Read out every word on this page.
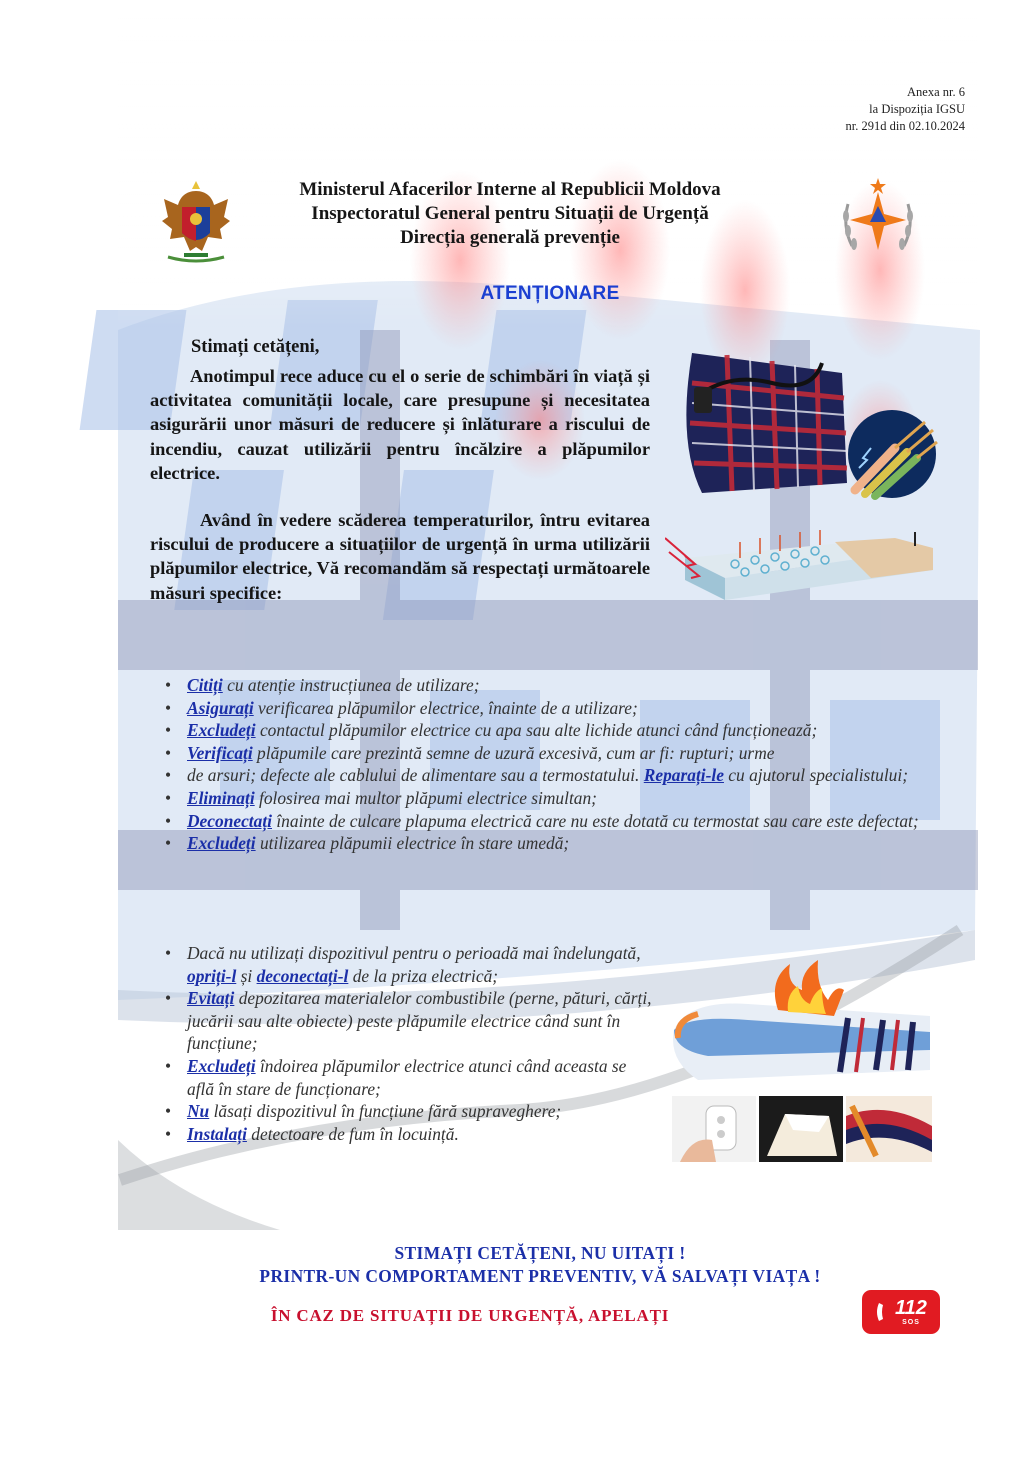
Anexa nr. 6
la Dispoziția IGSU
nr. 291d din 02.10.2024
Ministerul Afacerilor Interne al Republicii Moldova
Inspectoratul General pentru Situații de Urgență
Direcția generală prevenție
ATENȚIONARE
Stimați cetățeni,
Anotimpul rece aduce cu el o serie de schimbări în viață și activitatea comunității locale, care presupune și necesitatea asigurării unor măsuri de reducere și înlăturare a riscului de incendiu, cauzat utilizării pentru încălzire a plăpumilor electrice.
Având în vedere scăderea temperaturilor, întru evitarea riscului de producere a situațiilor de urgență în urma utilizării plăpumilor electrice, Vă recomandăm să respectați următoarele măsuri specifice:
• Citiți cu atenție instrucțiunea de utilizare;
• Asigurați verificarea plăpumilor electrice, înainte de a utilizare;
• Excludeți contactul plăpumilor electrice cu apa sau alte lichide atunci când funcționează;
• Verificați plăpumile care prezintă semne de uzură excesivă, cum ar fi: rupturi; urme
• de arsuri; defecte ale cablului de alimentare sau a termostatului. Reparați-le cu ajutorul specialistului;
• Eliminați folosirea mai multor plăpumi electrice simultan;
• Deconectați înainte de culcare plapuma electrică care nu este dotată cu termostat sau care este defectat;
• Excludeți utilizarea plăpumii electrice în stare umedă;
• Dacă nu utilizați dispozitivul pentru o perioadă mai îndelungată, opriți-l și deconectați-l de la priza electrică;
• Evitați depozitarea materialelor combustibile (perne, pături, cărți, jucării sau alte obiecte) peste plăpumile electrice când sunt în funcțiune;
• Excludeți îndoirea plăpumilor electrice atunci când aceasta se află în stare de funcționare;
• Nu lăsați dispozitivul în funcțiune fără supraveghere;
• Instalați detectoare de fum în locuință.
STIMAȚI CETĂȚENI, NU UITAȚI !
PRINTR-UN COMPORTAMENT PREVENTIV, VĂ SALVAȚI VIAȚA !
ÎN CAZ DE SITUAȚII DE URGENȚĂ, APELAȚI	112
SOS
